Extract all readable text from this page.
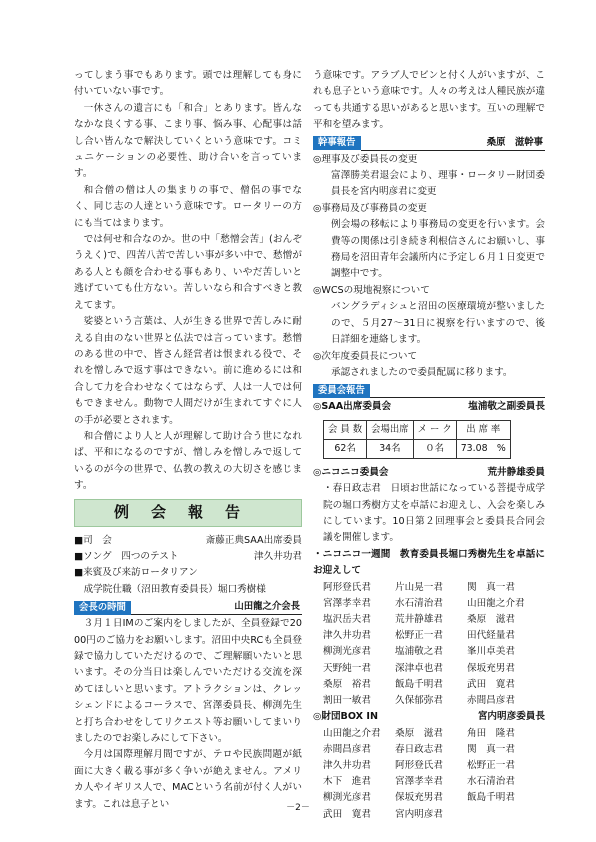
ってしまう事でもあります。頭では理解しても身に付いていない事です。

一休さんの遺言にも「和合」とあります。皆んななかな良くする事、こまり事、悩み事、心配事は話し合い皆んなで解決していくという意味です。コミュニケーションの必要性、助け合いを言っています。

和合僧の僧は人の集まりの事で、僧侶の事でなく、同じ志の人達という意味です。ロータリーの方にも当てはまります。

では何せ和合なのか。世の中「愁憎会苦」(おんぞうえく)で、四苦八苦で苦しい事が多い中で、愁憎がある人とも顔を合わせる事もあり、いやだ苦しいと逃げていても仕方ない。苦しいなら和合すべきと教えてます。

娑婆という言葉は、人が生きる世界で苦しみに耐える自由のない世界と仏法では言っています。愁憎のある世の中で、皆さん経営者は恨まれる役で、それを憎しみで返す事はできない。前に進めるには和合して力を合わせなくてはならず、人は一人では何もできません。動物で人間だけが生まれてすぐに人の手が必要とされます。

和合僧により人と人が理解して助け合う世になれば、平和になるのですが、憎しみを憎しみで返しているのが今の世界で、仏教の教えの大切さを感じます。

例会報告
■司　会	斎藤正典SAA出席委員
■ソング　四つのテスト	津久井功君
■来賓及び来訪ロータリアン
　成学院仕職（沼田教育委員長）堀口秀樹様
会長の時間	山田龍之介会長

３月１日IMのご案内をしましたが、全員登録で2000円のご協力をお願いします。沼田中央RCも全員登録で協力していただけるので、ご理解願いたいと思います。その分当日は楽しんでいただける交流を深めてほしいと思います。アトラクションは、クレッシェンドによるコーラスで、宮澤委員長、柳渕先生と打ち合わせをしてリクエスト等お願いしてまいりましたのでお楽しみにして下さい。

今月は国際理解月間ですが、テロや民族問題が紙面に大きく載る事が多く争いが絶えません。アメリカ人やイギリス人で、MACという名前が付く人がいます。これは息子とい

う意味です。アラブ人でビンと付く人がいますが、これも息子という意味です。人々の考えは人種民族が違っても共通する思いがあると思います。互いの理解で平和を望みます。

幹事報告	桑原　滋幹事

◎理事及び委員長の変更

富澤勝美君退会により、理事・ロータリー財団委員長を宮内明彦君に変更

◎事務局及び事務員の変更

例会場の移転により事務局の変更を行います。会費等の関係は引き続き利根信さんにお願いし、事務局を沼田青年会議所内に予定し６月１日変更で調整中です。

◎WCSの現地視察について

バングラディシュと沼田の医療環境が整いましたので、５月27～31日に視察を行いますので、後日詳細を連絡します。

◎次年度委員長について

承認されましたので委員配属に移ります。

委員会報告
◎SAA出席委員会	塩浦敬之副委員長
会 員 数	会場出席	メ ー ク	出 席 率
62名	34名	０名	73.08　%
◎ニコニコ委員会	荒井静雄委員

・春日政志君　日頃お世話になっている菩提寺成学院の堀口秀樹方丈を卓話にお迎えし、入会を楽しみにしています。10日第２回理事会と委員長合同会議を開催します。

・ニコニコ一週間　教育委員長堀口秀樹先生を卓話にお迎えして

阿形登氏君	片山晃一君	関　真一君
宮澤孝幸君	水石清治君	山田龍之介君
塩沢岳夫君	荒井静雄君	桑原　滋君
津久井功君	松野正一君	田代経量君
柳渕光彦君	塩浦敬之君	峯川卓美君
天野純一君	深津卓也君	保坂充男君
桑原　裕君	飯島千明君	武田　寛君
割田一敏君	久保郁弥君	赤間昌彦君
◎財団BOX IN	宮内明彦委員長
山田龍之介君	桑原　滋君	角田　隆君
赤間昌彦君	春日政志君	関　真一君
津久井功君	阿形登氏君	松野正一君
木下　進君	宮澤孝幸君	水石清治君
柳渕光彦君	保坂充男君	飯島千明君
武田　寛君	宮内明彦君
－2－
